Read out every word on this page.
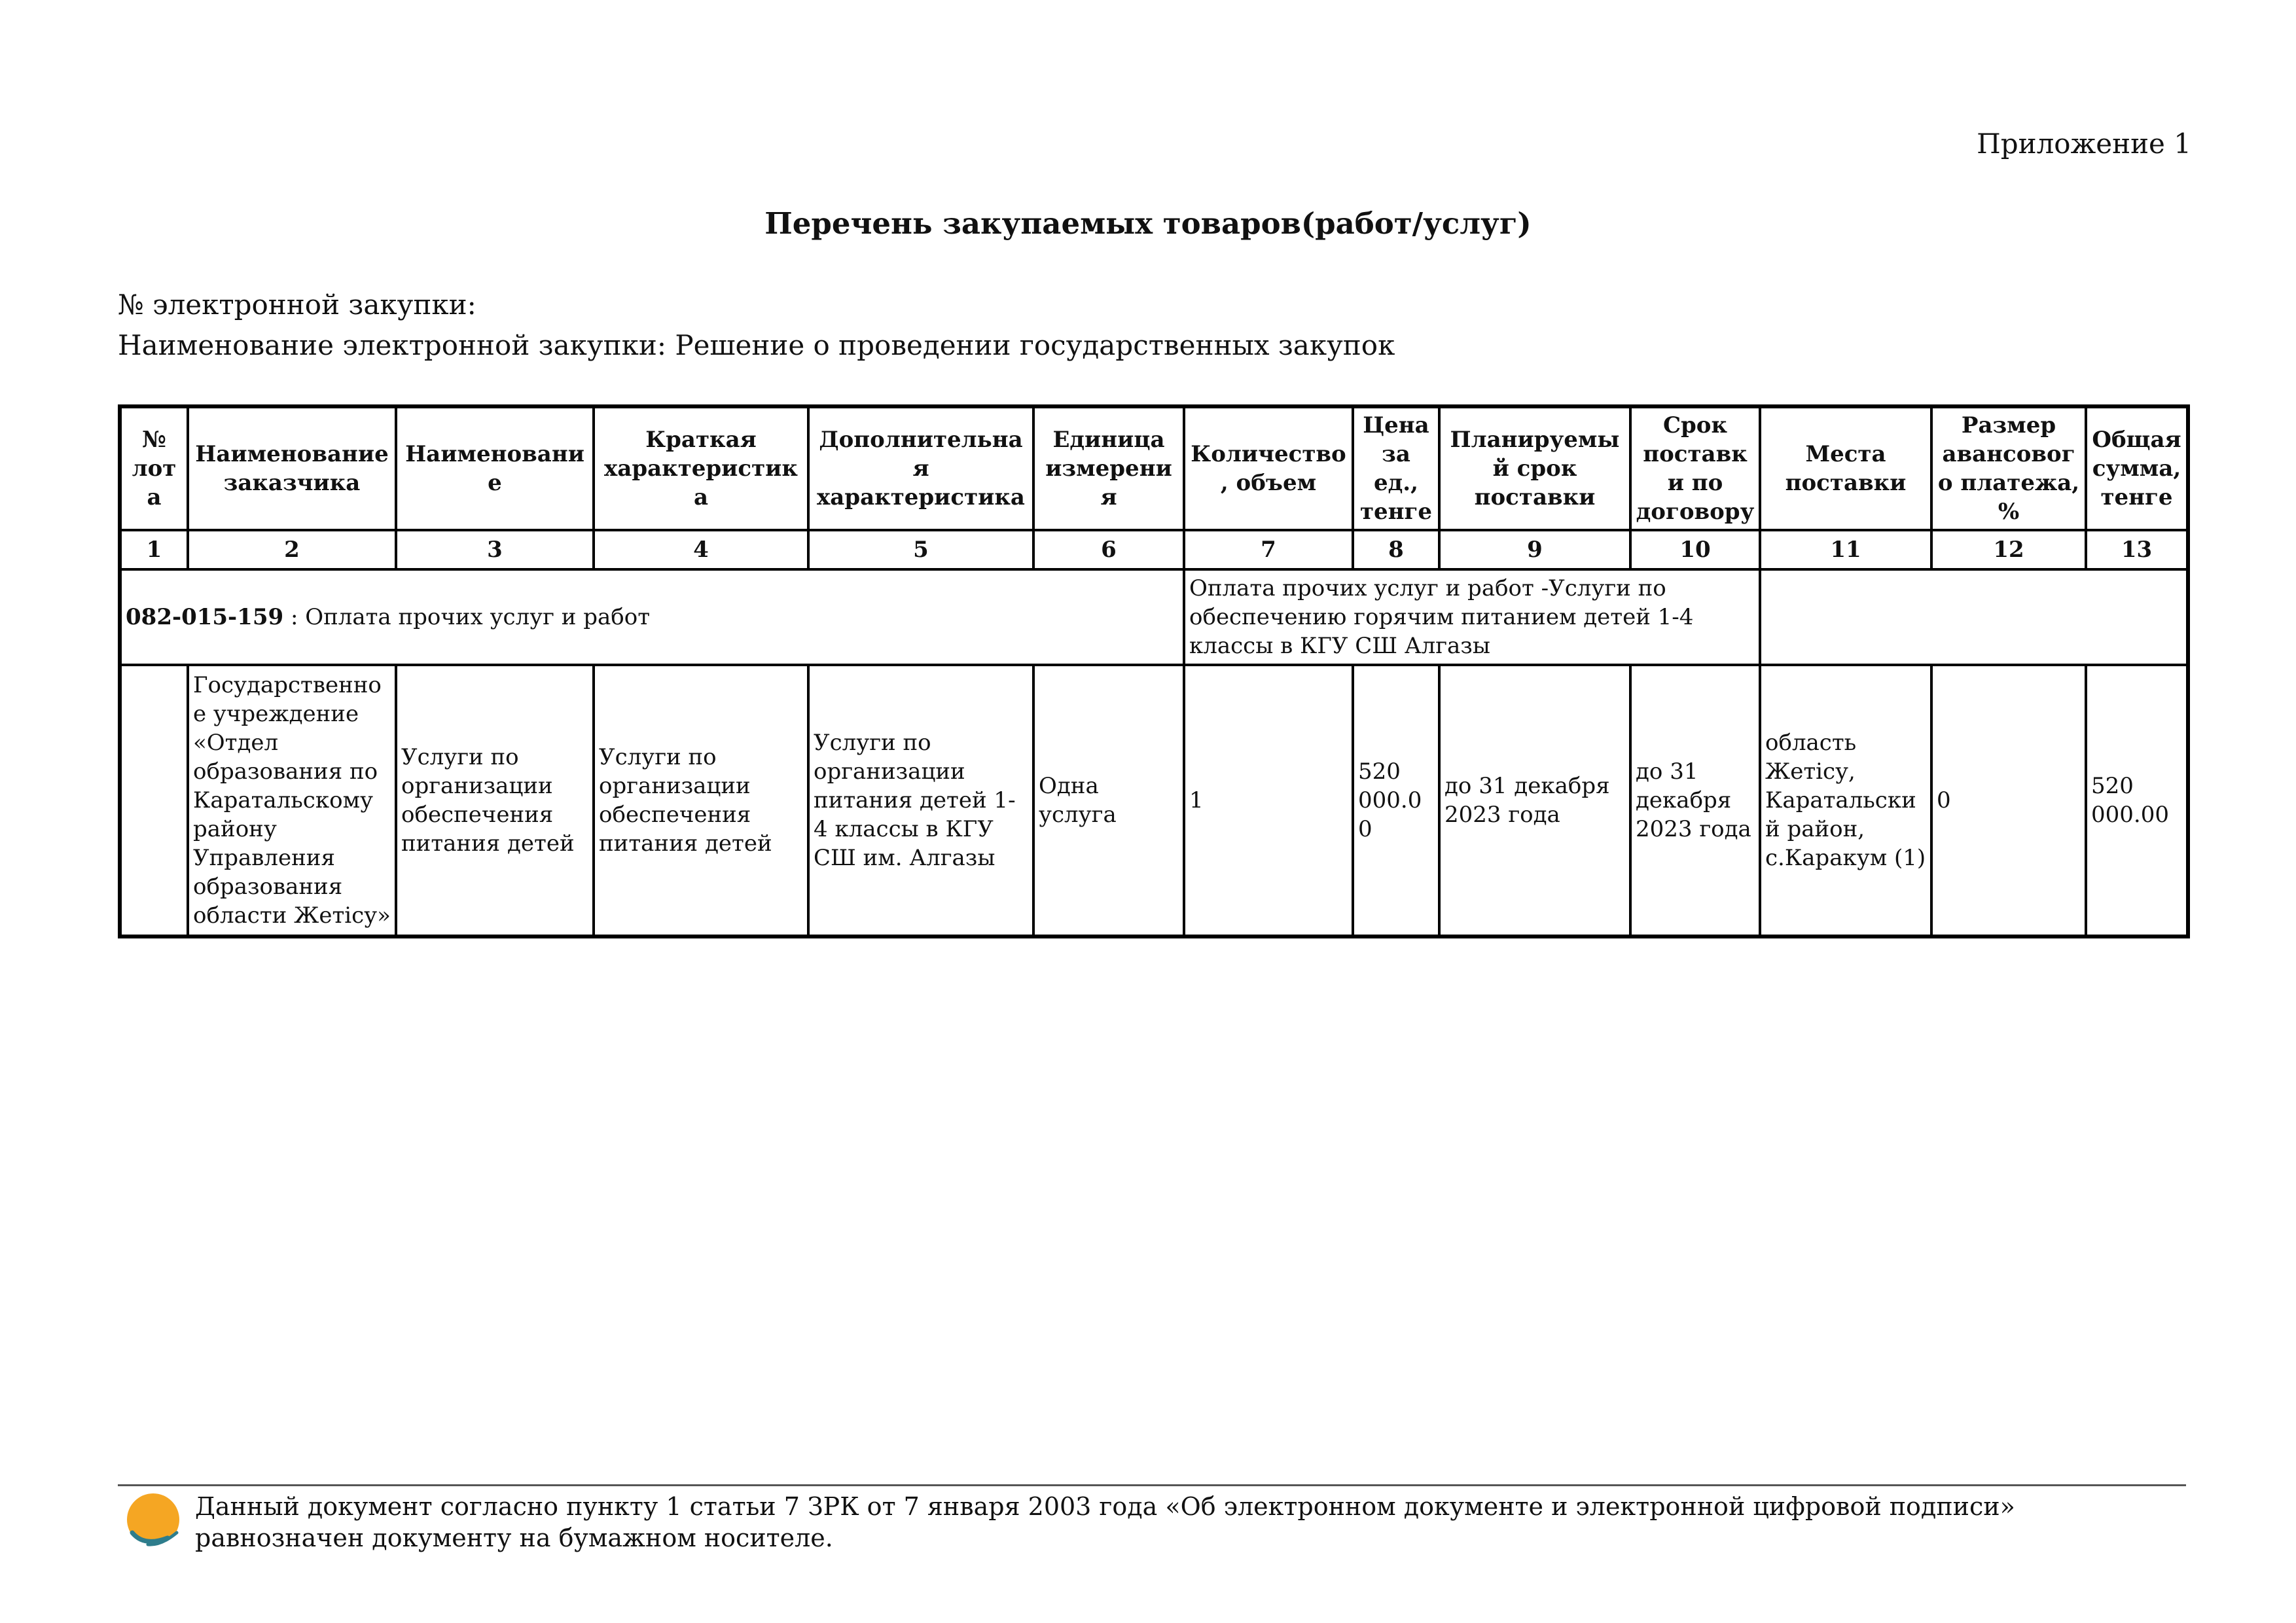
Приложение 1
Перечень закупаемых товаров(работ/услуг)
№ электронной закупки:
Наименование электронной закупки: Решение о проведении государственных закупок
№ лота	Наименование заказчика	Наименование	Краткая характеристика	Дополнительная характеристика	Единица измерения	Количество, объем	Цена за ед., тенге	Планируемый срок поставки	Срок поставки по договору	Места поставки	Размер авансового платежа, %	Общая сумма, тенге
1	2	3	4	5	6	7	8	9	10	11	12	13
082-015-159 : Оплата прочих услуг и работ						Оплата прочих услуг и работ -Услуги по обеспечению горячим питанием детей 1-4 классы в КГУ СШ Алгазы						
	Государственное учреждение «Отдел образования по Каратальскому району Управления образования области Жетісу»	Услуги по организации обеспечения питания детей	Услуги по организации обеспечения питания детей	Услуги по организации питания детей 1-4 классы в КГУ СШ им. Алгазы	Одна услуга	1	520 000.00	до 31 декабря 2023 года	до 31 декабря 2023 года	область Жетісу, Каратальский район, с.Каракум (1)	0	520 000.00
Данный документ согласно пункту 1 статьи 7 ЗРК от 7 января 2003 года «Об электронном документе и электронной цифровой подписи» равнозначен документу на бумажном носителе.
